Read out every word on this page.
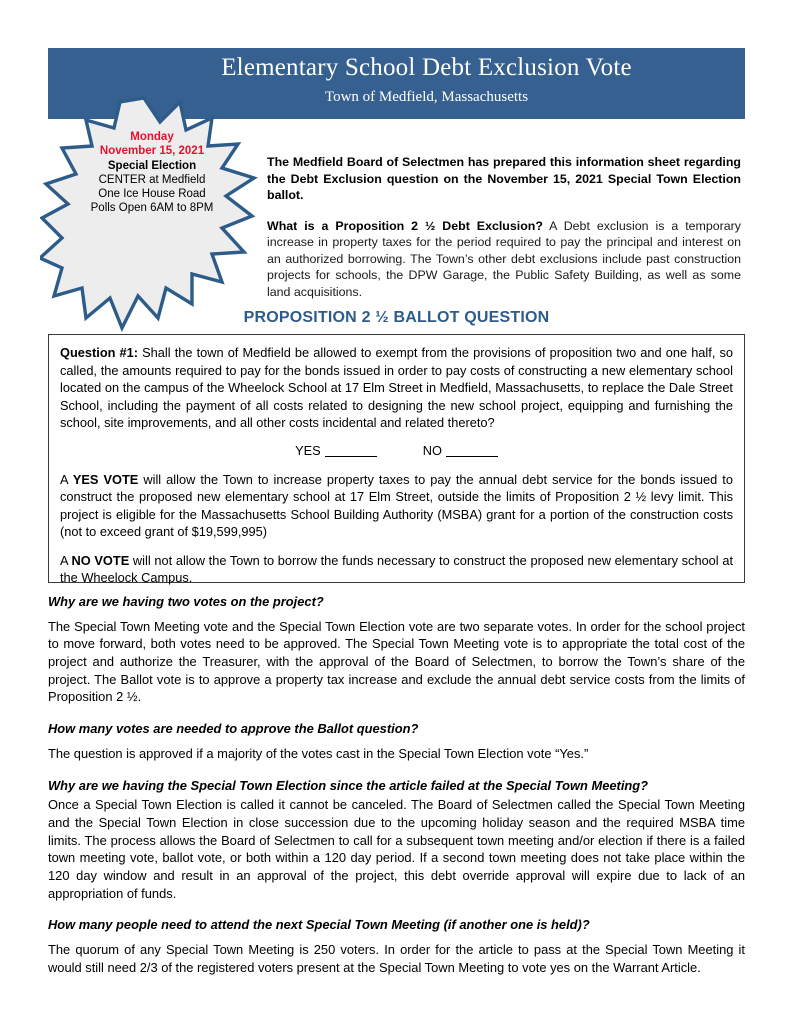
Elementary School Debt Exclusion Vote
Town of Medfield, Massachusetts
Monday
November 15, 2021
Special Election
CENTER at Medfield
One Ice House Road
Polls Open 6AM to 8PM

The Medfield Board of Selectmen has prepared this information sheet regarding the Debt Exclusion question on the November 15, 2021 Special Town Election ballot.

What is a Proposition 2 ½ Debt Exclusion? A Debt exclusion is a temporary increase in property taxes for the period required to pay the principal and interest on an authorized borrowing. The Town’s other debt exclusions include past construction projects for schools, the DPW Garage, the Public Safety Building, as well as some land acquisitions.

PROPOSITION 2 ½ BALLOT QUESTION

Question #1: Shall the town of Medfield be allowed to exempt from the provisions of proposition two and one half, so called, the amounts required to pay for the bonds issued in order to pay costs of constructing a new elementary school located on the campus of the Wheelock School at 17 Elm Street in Medfield, Massachusetts, to replace the Dale Street School, including the payment of all costs related to designing the new school project, equipping and furnishing the school, site improvements, and all other costs incidental and related thereto?

YES	NO

A YES VOTE will allow the Town to increase property taxes to pay the annual debt service for the bonds issued to construct the proposed new elementary school at 17 Elm Street, outside the limits of Proposition 2 ½ levy limit. This project is eligible for the Massachusetts School Building Authority (MSBA) grant for a portion of the construction costs (not to exceed grant of $19,599,995)

A NO VOTE will not allow the Town to borrow the funds necessary to construct the proposed new elementary school at the Wheelock Campus.

Why are we having two votes on the project?

The Special Town Meeting vote and the Special Town Election vote are two separate votes. In order for the school project to move forward, both votes need to be approved. The Special Town Meeting vote is to appropriate the total cost of the project and authorize the Treasurer, with the approval of the Board of Selectmen, to borrow the Town’s share of the project. The Ballot vote is to approve a property tax increase and exclude the annual debt service costs from the limits of Proposition 2 ½.

How many votes are needed to approve the Ballot question?

The question is approved if a majority of the votes cast in the Special Town Election vote “Yes.”

Why are we having the Special Town Election since the article failed at the Special Town Meeting?

Once a Special Town Election is called it cannot be canceled. The Board of Selectmen called the Special Town Meeting and the Special Town Election in close succession due to the upcoming holiday season and the required MSBA time limits. The process allows the Board of Selectmen to call for a subsequent town meeting and/or election if there is a failed town meeting vote, ballot vote, or both within a 120 day period. If a second town meeting does not take place within the 120 day window and result in an approval of the project, this debt override approval will expire due to lack of an appropriation of funds.

How many people need to attend the next Special Town Meeting (if another one is held)?

The quorum of any Special Town Meeting is 250 voters. In order for the article to pass at the Special Town Meeting it would still need 2/3 of the registered voters present at the Special Town Meeting to vote yes on the Warrant Article.
